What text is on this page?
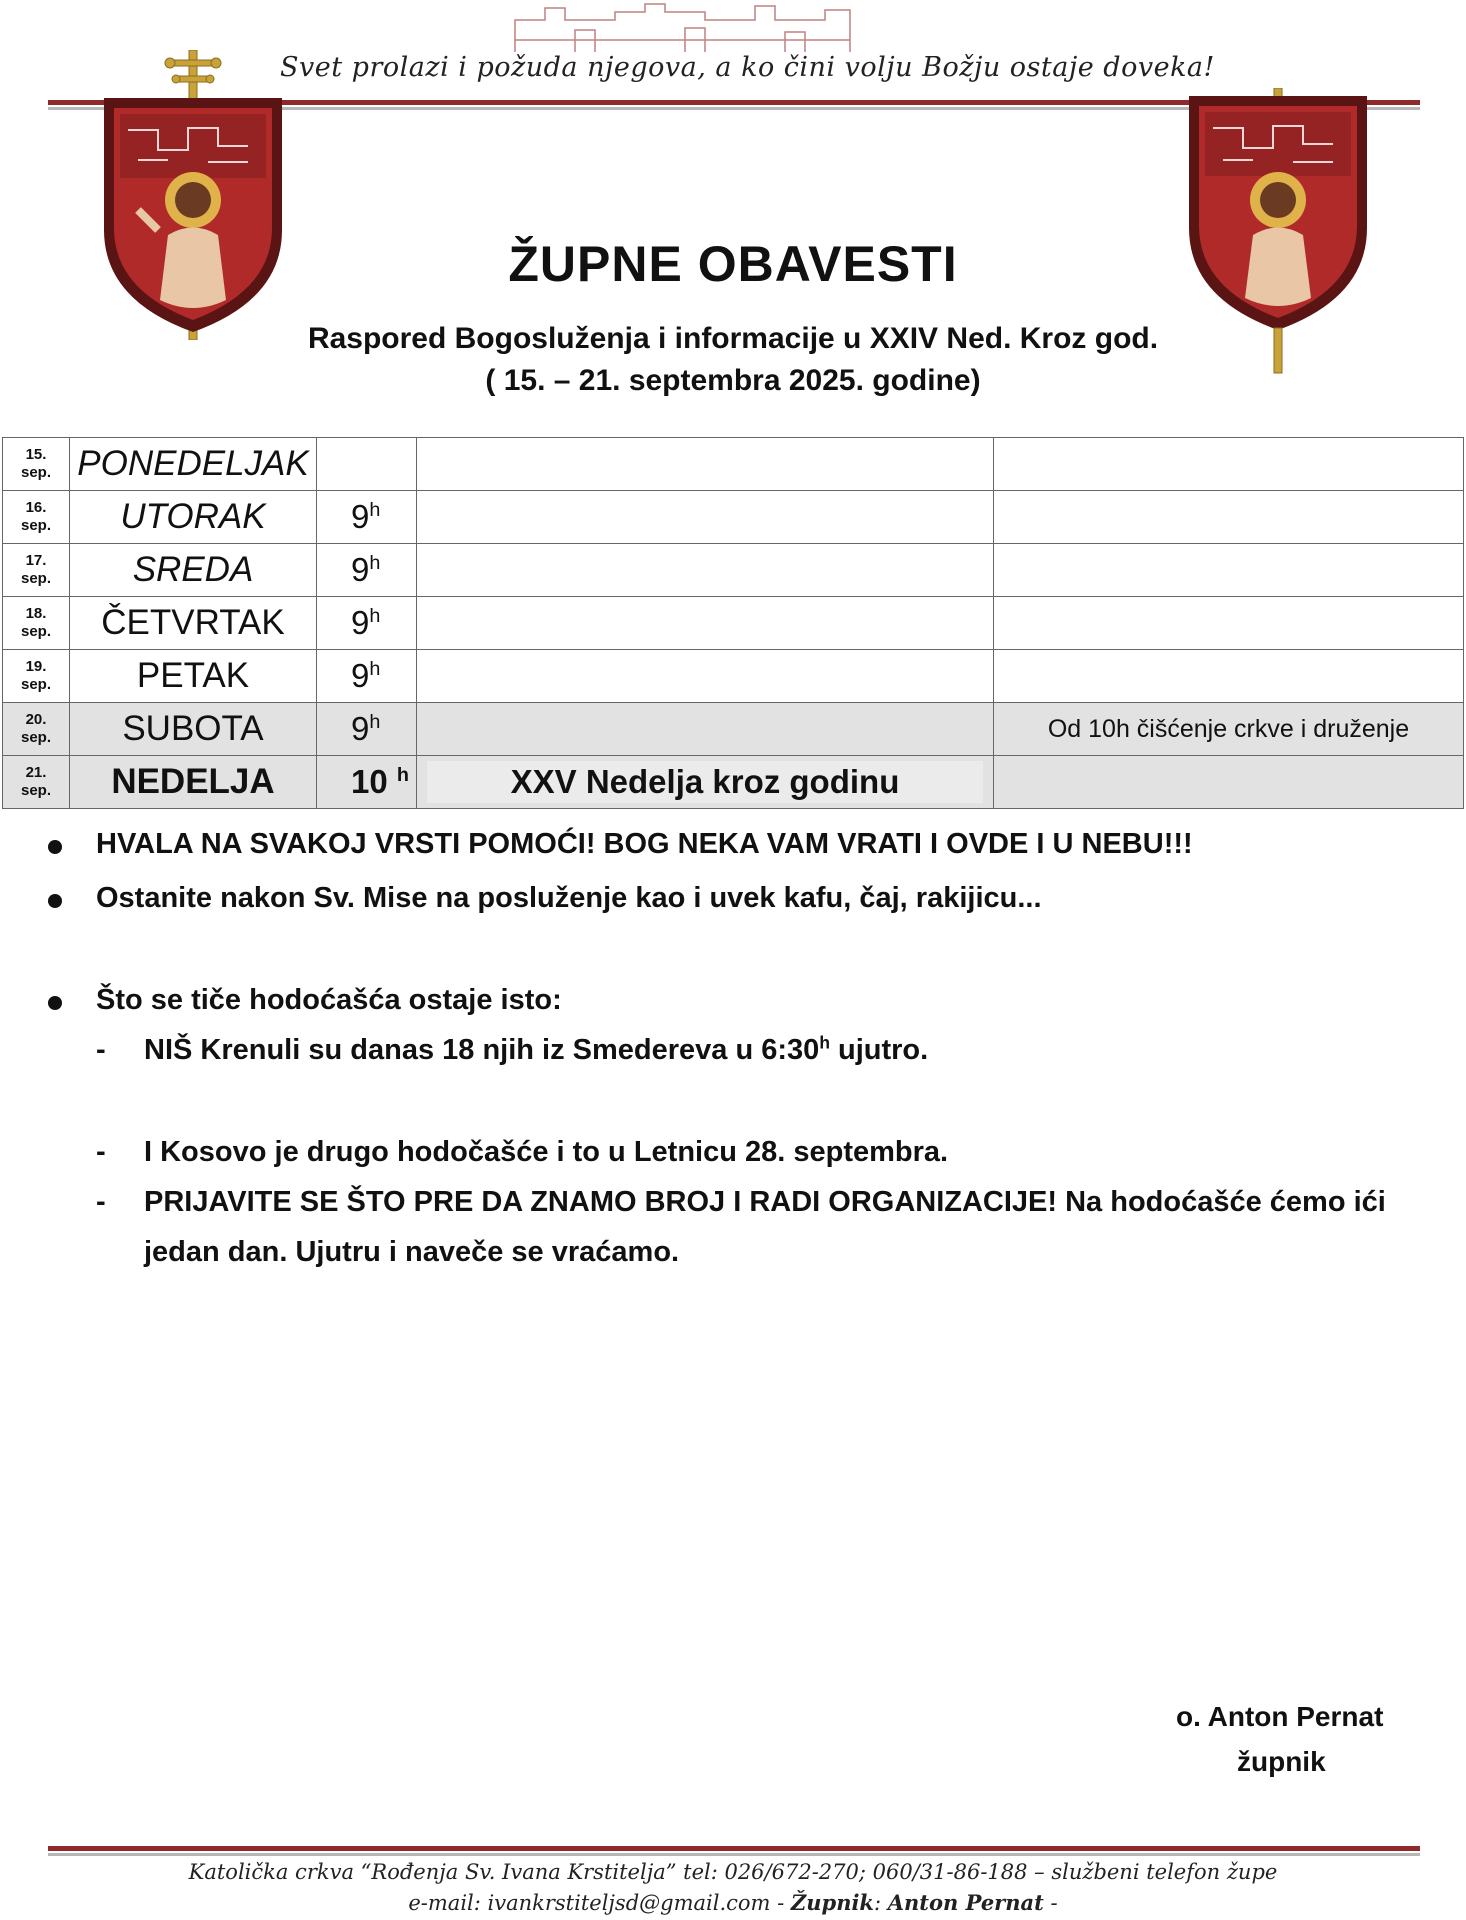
Svet prolazi i požuda njegova, a ko čini volju Božju ostaje doveka!
ŽUPNE OBAVESTI
Raspored Bogosluženja i informacije u XXIV Ned. Kroz god.
( 15. – 21. septembra 2025. godine)
15.
sep.	PONEDELJAK			
16.
sep.	UTORAK	9$^h$		
17.
sep.	SREDA	9$^h$		
18.
sep.	ČETVRTAK	9$^h$		
19.
sep.	PETAK	9$^h$		
20.
sep.	SUBOTA	9$^h$		Od 10h čišćenje crkve i druženje
21.
sep.	NEDELJA	10 $^h$	XXV Nedelja kroz godinu	
HVALA NA SVAKOJ VRSTI POMOĆI! BOG NEKA VAM VRATI I OVDE I U NEBU!!!
Ostanite nakon Sv. Mise na posluženje kao i uvek kafu, čaj, rakijicu...
Što se tiče hodoćašća ostaje isto:
- NIŠ Krenuli su danas 18 njih iz Smedereva u 6:30$^h$ ujutro.
- I Kosovo je drugo hodočašće i to u Letnicu 28. septembra.
- PRIJAVITE SE ŠTO PRE DA ZNAMO BROJ I RADI ORGANIZACIJE! Na hodoćašće ćemo ići
jedan dan. Ujutru i naveče se vraćamo.
o. Anton Pernat
župnik
Katolička crkva “Rođenja Sv. Ivana Krstitelja” tel: 026/672-270; 060/31-86-188 – službeni telefon župe
e-mail: ivankrstiteljsd@gmail.com - Župnik: Anton Pernat -
